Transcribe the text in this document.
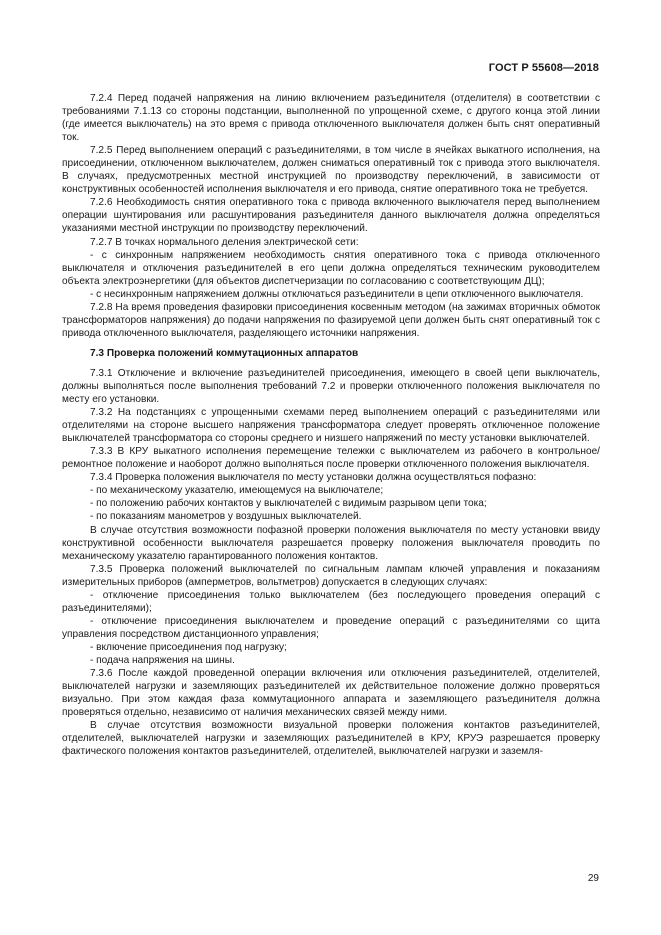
ГОСТ Р 55608—2018

7.2.4 Перед подачей напряжения на линию включением разъединителя (отделителя) в соответствии с требованиями 7.1.13 со стороны подстанции, выполненной по упрощенной схеме, с другого конца этой линии (где имеется выключатель) на это время с привода отключенного выключателя должен быть снят оперативный ток.

7.2.5 Перед выполнением операций с разъединителями, в том числе в ячейках выкатного исполнения, на присоединении, отключенном выключателем, должен сниматься оперативный ток с привода этого выключателя. В случаях, предусмотренных местной инструкцией по производству переключений, в зависимости от конструктивных особенностей исполнения выключателя и его привода, снятие оперативного тока не требуется.

7.2.6 Необходимость снятия оперативного тока с привода включенного выключателя перед выполнением операции шунтирования или расшунтирования разъединителя данного выключателя должна определяться указаниями местной инструкции по производству переключений.

7.2.7 В точках нормального деления электрической сети:

- с синхронным напряжением необходимость снятия оперативного тока с привода отключенного выключателя и отключения разъединителей в его цепи должна определяться техническим руководителем объекта электроэнергетики (для объектов диспетчеризации по согласованию с соответствующим ДЦ);

- с несинхронным напряжением должны отключаться разъединители в цепи отключенного выключателя.

7.2.8 На время проведения фазировки присоединения косвенным методом (на зажимах вторичных обмоток трансформаторов напряжения) до подачи напряжения по фазируемой цепи должен быть снят оперативный ток с привода отключенного выключателя, разделяющего источники напряжения.

7.3 Проверка положений коммутационных аппаратов

7.3.1 Отключение и включение разъединителей присоединения, имеющего в своей цепи выключатель, должны выполняться после выполнения требований 7.2 и проверки отключенного положения выключателя по месту его установки.

7.3.2 На подстанциях с упрощенными схемами перед выполнением операций с разъединителями или отделителями на стороне высшего напряжения трансформатора следует проверять отключенное положение выключателей трансформатора со стороны среднего и низшего напряжений по месту установки выключателей.

7.3.3 В КРУ выкатного исполнения перемещение тележки с выключателем из рабочего в контрольное/ремонтное положение и наоборот должно выполняться после проверки отключенного положения выключателя.

7.3.4 Проверка положения выключателя по месту установки должна осуществляться пофазно:

- по механическому указателю, имеющемуся на выключателе;

- по положению рабочих контактов у выключателей с видимым разрывом цепи тока;

- по показаниям манометров у воздушных выключателей.

В случае отсутствия возможности пофазной проверки положения выключателя по месту установки ввиду конструктивной особенности выключателя разрешается проверку положения выключателя проводить по механическому указателю гарантированного положения контактов.

7.3.5 Проверка положений выключателей по сигнальным лампам ключей управления и показаниям измерительных приборов (амперметров, вольтметров) допускается в следующих случаях:

- отключение присоединения только выключателем (без последующего проведения операций с разъединителями);

- отключение присоединения выключателем и проведение операций с разъединителями со щита управления посредством дистанционного управления;

- включение присоединения под нагрузку;

- подача напряжения на шины.

7.3.6 После каждой проведенной операции включения или отключения разъединителей, отделителей, выключателей нагрузки и заземляющих разъединителей их действительное положение должно проверяться визуально. При этом каждая фаза коммутационного аппарата и заземляющего разъединителя должна проверяться отдельно, независимо от наличия механических связей между ними.

В случае отсутствия возможности визуальной проверки положения контактов разъединителей, отделителей, выключателей нагрузки и заземляющих разъединителей в КРУ, КРУЭ разрешается проверку фактического положения контактов разъединителей, отделителей, выключателей нагрузки и заземля-

29
